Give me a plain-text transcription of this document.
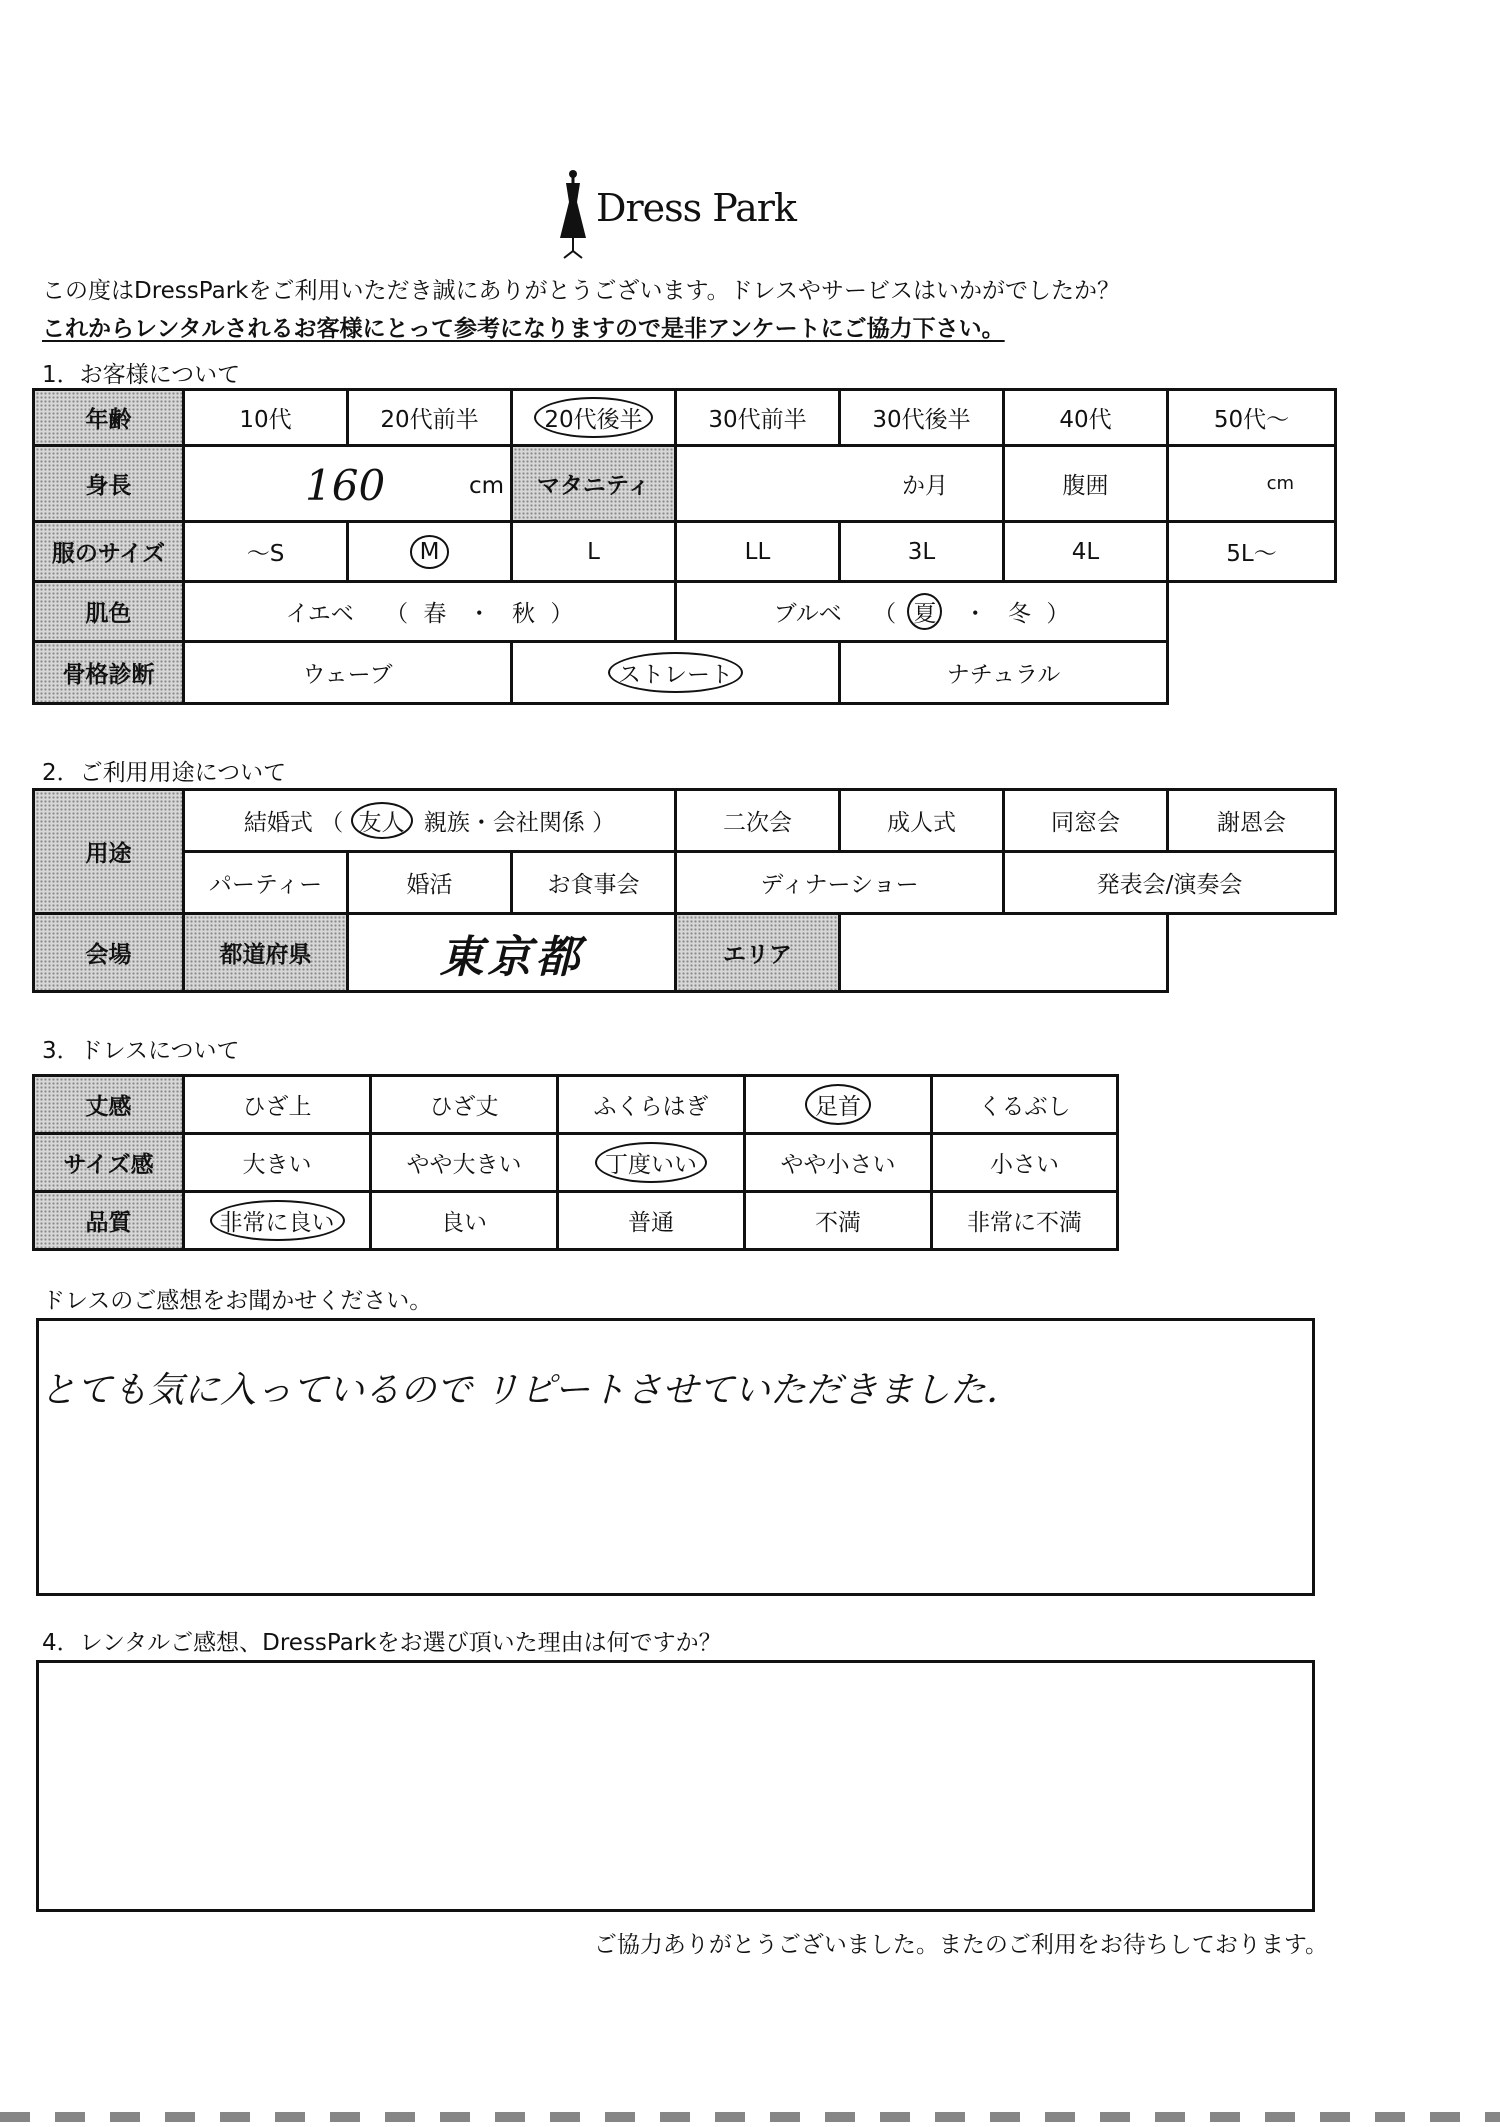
Dress Park
この度はDressParkをご利用いただき誠にありがとうございます。ドレスやサービスはいかがでしたか？
これからレンタルされるお客様にとって参考になりますので是非アンケートにご協力下さい。
1．お客様について
年齢	10代	20代前半	20代後半	30代前半	30代後半	40代	50代～
身長	160 cm		マタニティ	か月		腹囲	cm
服のサイズ	～S	M	L	LL	3L	4L	5L～
肌色	イエベ （ 春 ・ 秋 ）			ブルベ （ 夏 ・ 冬 ）			
骨格診断	ウェーブ		ストレート		ナチュラル		
2．ご利用用途について
用途	結婚式 （ 友人 親族・会社関係 ）			二次会	成人式	同窓会	謝恩会
	パーティー	婚活	お食事会	ディナーショー		発表会/演奏会	
会場	都道府県	東京都		エリア			
3．ドレスについて
丈感	ひざ上	ひざ丈	ふくらはぎ	足首	くるぶし
サイズ感	大きい	やや大きい	丁度いい	やや小さい	小さい
品質	非常に良い	良い	普通	不満	非常に不満
ドレスのご感想をお聞かせください。
とても気に入っているので リピートさせていただきました．
4．レンタルご感想、DressParkをお選び頂いた理由は何ですか？
ご協力ありがとうございました。またのご利用をお待ちしております。
